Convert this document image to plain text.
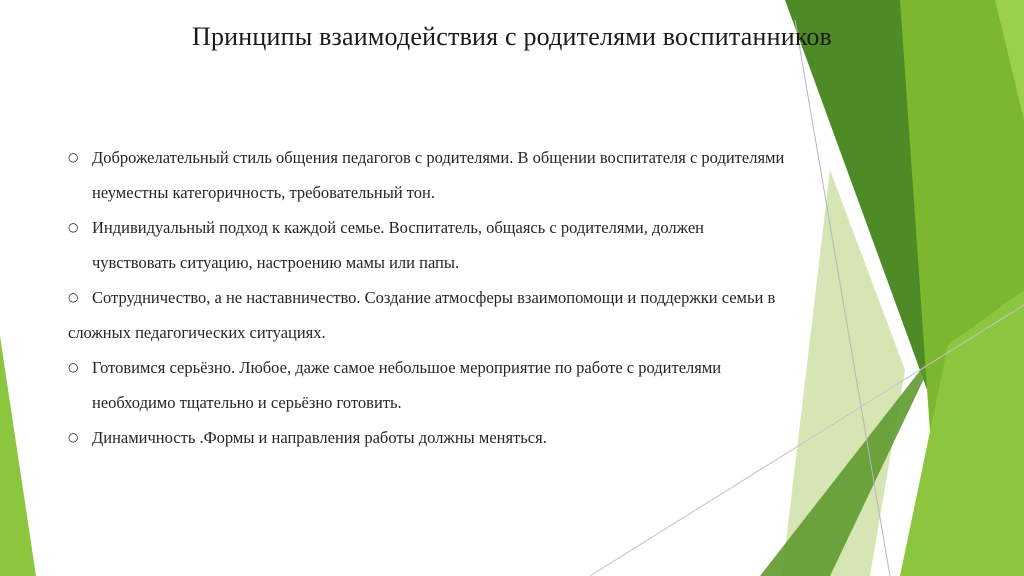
Принципы взаимодействия с родителями воспитанников
○ Доброжелательный стиль общения педагогов с родителями. В общении воспитателя с родителями
неуместны категоричность, требовательный тон.
○ Индивидуальный подход к каждой семье. Воспитатель, общаясь с родителями, должен
чувствовать ситуацию, настроению мамы или папы.
○ Сотрудничество, а не наставничество. Создание атмосферы взаимопомощи и поддержки семьи в
сложных педагогических ситуациях.
○ Готовимся серьёзно. Любое, даже самое небольшое мероприятие по работе с родителями
необходимо тщательно и серьёзно готовить.
○ Динамичность .Формы и направления работы должны меняться.
